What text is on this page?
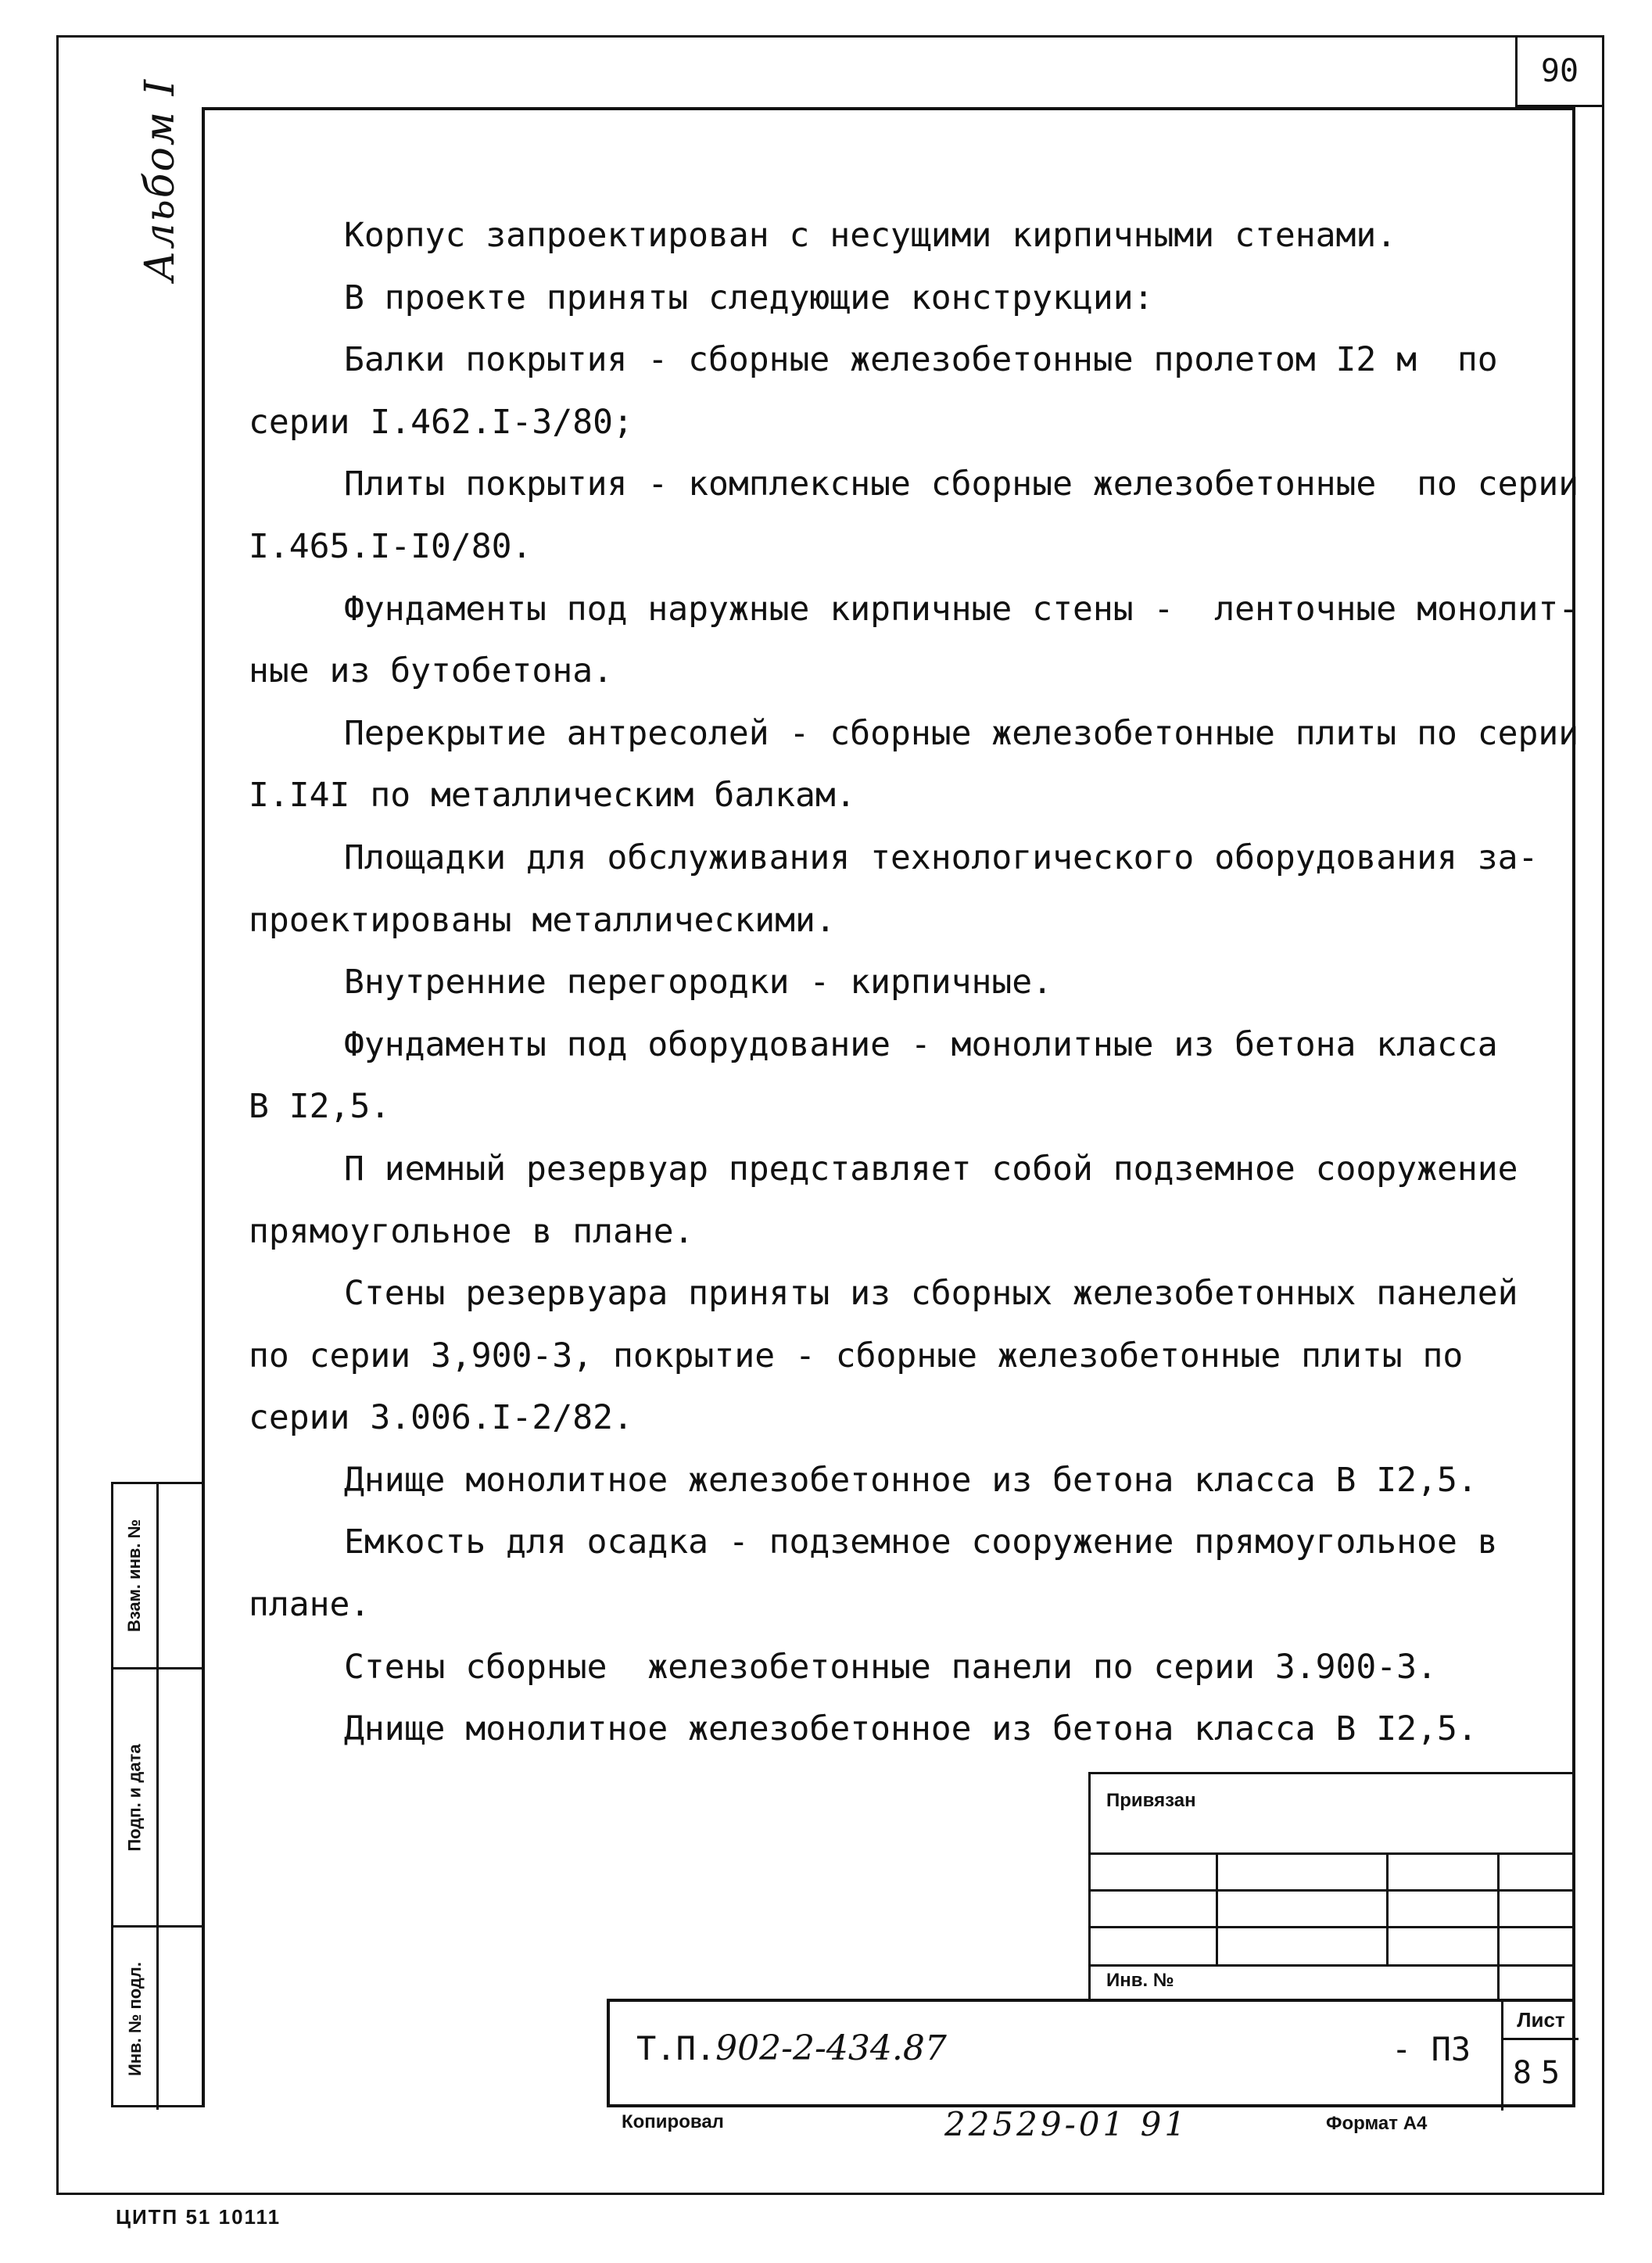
90
Альбом I	Корпус запроектирован с несущими кирпичными стенами.

В проекте приняты следующие конструкции:

Балки покрытия - сборные железобетонные пролетом I2 м  по

серии I.462.I-3/80;

Плиты покрытия - комплексные сборные железобетонные  по серии

I.465.I-I0/80.

Фундаменты под наружные кирпичные стены -  ленточные монолит-

ные из бутобетона.

Перекрытие антресолей - сборные железобетонные плиты по серии

I.I4I по металлическим балкам.

Площадки для обслуживания технологического оборудования за-

проектированы металлическими.

Внутренние перегородки - кирпичные.

Фундаменты под оборудование - монолитные из бетона класса

В I2,5.

П иемный резервуар представляет собой подземное сооружение

прямоугольное в плане.

Стены резервуара приняты из сборных железобетонных панелей

по серии 3,900-3, покрытие - сборные железобетонные плиты по

серии 3.006.I-2/82.

Днище монолитное железобетонное из бетона класса В I2,5.

Емкость для осадка - подземное сооружение прямоугольное в

плане.

Стены сборные  железобетонные панели по серии 3.900-3.

Днище монолитное железобетонное из бетона класса В I2,5.

Взам. инв. №
Подп. и дата
Инв. № подл.
Привязан
Инв. №
Т.П.902-2-434.87	- ПЗ
Лист
85
Копировал	22529-01 91	Формат А4
ЦИТП 51 10111
